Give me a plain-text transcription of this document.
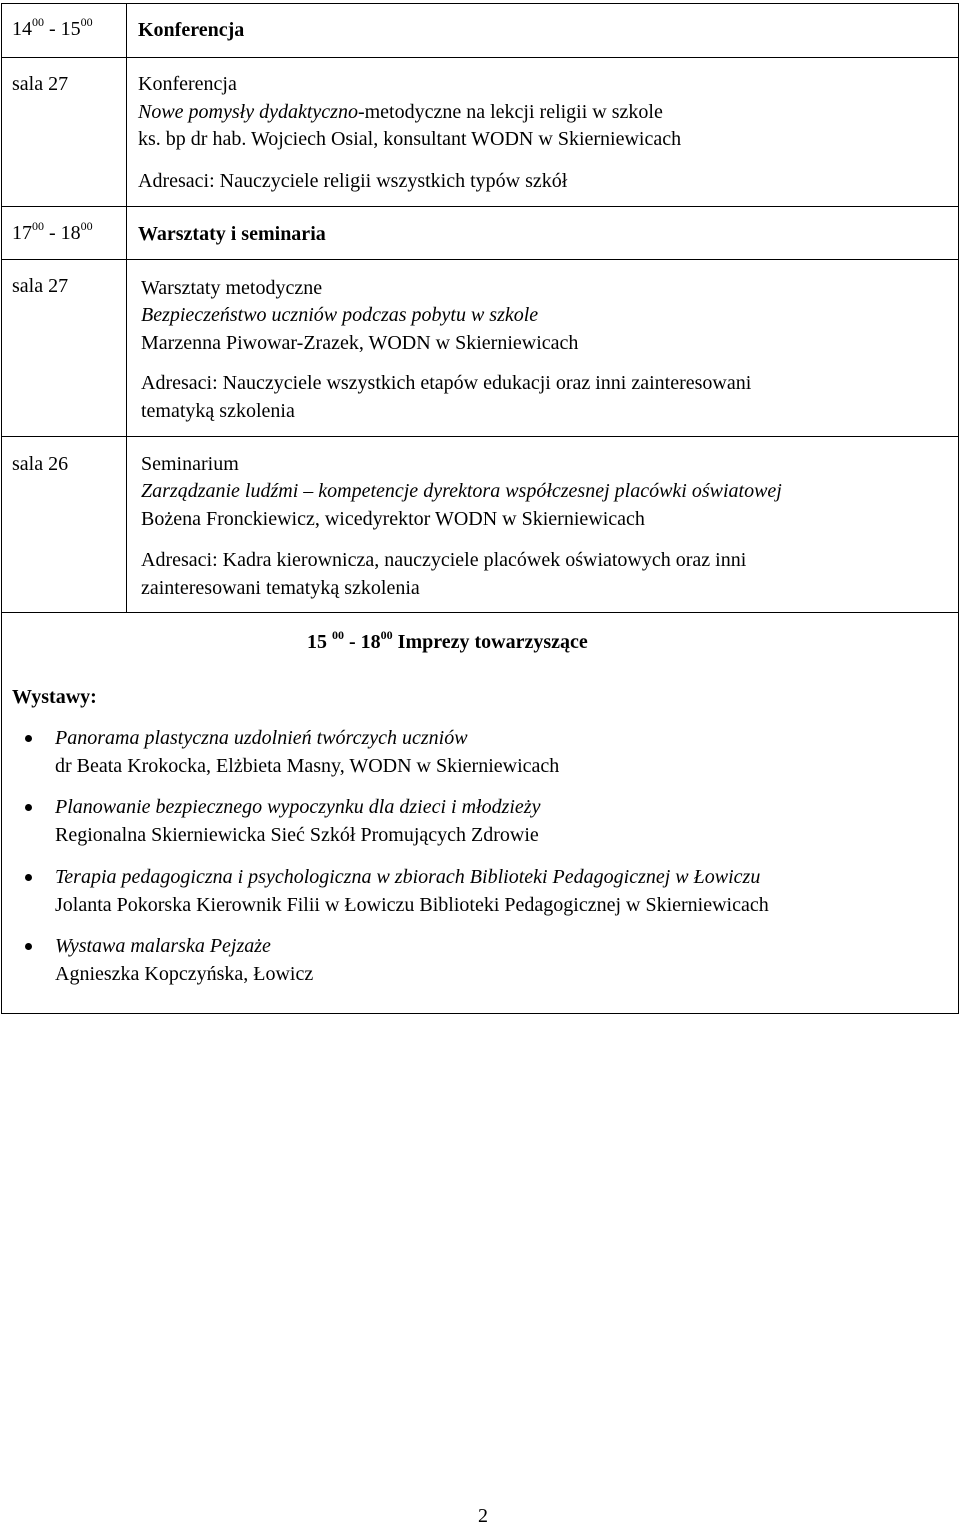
$14^{00} - 15^{00}$ Konferencja
sala 27	Konferencja
Nowe pomysły dydaktyczno-metodyczne na lekcji religii w szkole
ks. bp dr hab. Wojciech Osial, konsultant WODN w Skierniewicach
Adresaci: Nauczyciele religii wszystkich typów szkół
$17^{00} - 18^{00}$ Warsztaty i seminaria
sala 27	Warsztaty metodyczne
Bezpieczeństwo uczniów podczas pobytu w szkole
Marzenna Piwowar-Zrazek, WODN w Skierniewicach
Adresaci: Nauczyciele wszystkich etapów edukacji oraz inni zainteresowani
tematyką szkolenia
sala 26	Seminarium
Zarządzanie ludźmi – kompetencje dyrektora współczesnej placówki oświatowej
Bożena Fronckiewicz, wicedyrektor WODN w Skierniewicach
Adresaci: Kadra kierownicza, nauczyciele placówek oświatowych oraz inni
zainteresowani tematyką szkolenia
15 $^{00} - 18^{00}$ Imprezy towarzyszące
Wystawy:
Panorama plastyczna uzdolnień twórczych uczniów
dr Beata Krokocka, Elżbieta Masny, WODN w Skierniewicach
Planowanie bezpiecznego wypoczynku dla dzieci i młodzieży
Regionalna Skierniewicka Sieć Szkół Promujących Zdrowie
Terapia pedagogiczna i psychologiczna w zbiorach Biblioteki Pedagogicznej w Łowiczu
Jolanta Pokorska Kierownik Filii w Łowiczu Biblioteki Pedagogicznej w Skierniewicach
Wystawa malarska Pejzaże
Agnieszka Kopczyńska, Łowicz
2
